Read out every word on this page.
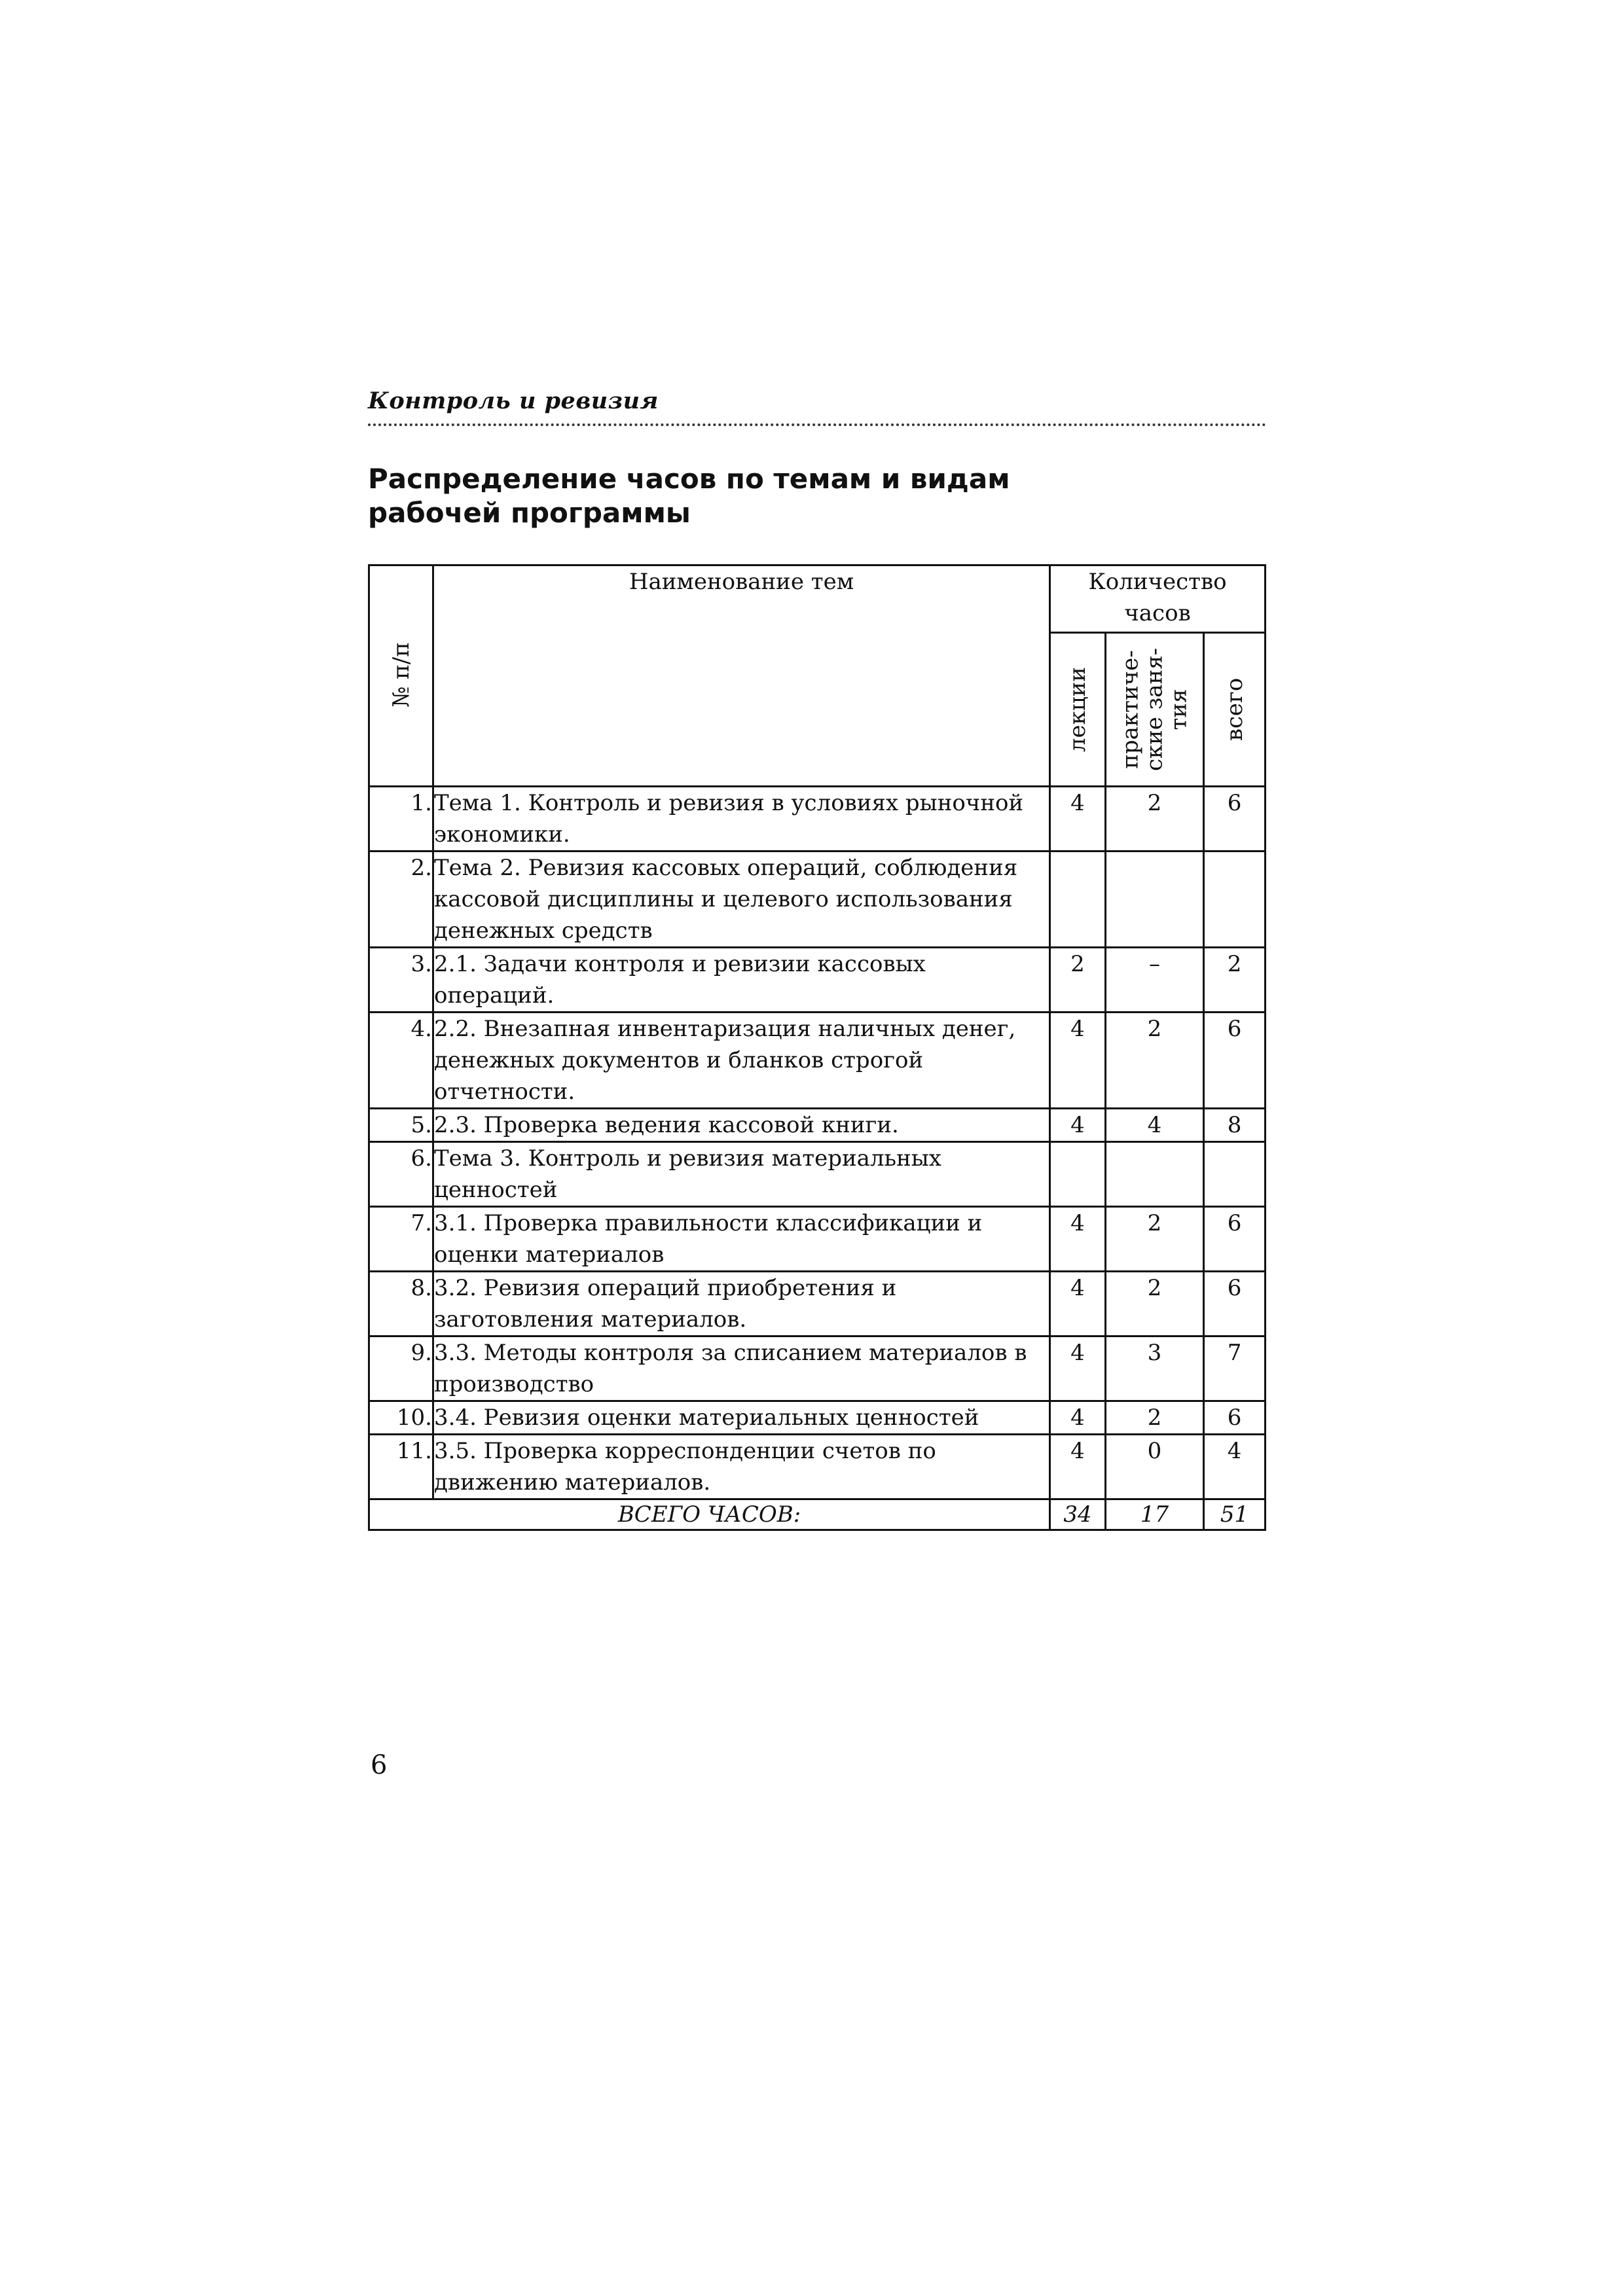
Контроль и ревизия
Распределение часов по темам и видам
рабочей программы
№ п/п	Наименование тем	Количество
часов		

		лекции	практиче-
ские заня-
тия	всего

1.	Тема 1. Контроль и ревизия в условиях рыночной экономики.	4	2	6
2.	Тема 2. Ревизия кассовых операций, соблюдения кассовой дисциплины и целевого использования денежных средств			
3.	2.1. Задачи контроля и ревизии кассовых операций.	2	–	2
4.	2.2. Внезапная инвентаризация наличных денег, денежных документов и бланков строгой отчетности.	4	2	6
5.	2.3. Проверка ведения кассовой книги.	4	4	8
6.	Тема 3. Контроль и ревизия материальных ценностей			
7.	3.1. Проверка правильности классификации и оценки материалов	4	2	6
8.	3.2. Ревизия операций приобретения и заготовления материалов.	4	2	6
9.	3.3. Методы контроля за списанием материалов в производство	4	3	7
10.	3.4. Ревизия оценки материальных ценностей	4	2	6
11.	3.5. Проверка корреспонденции счетов по движению материалов.	4	0	4
ВСЕГО ЧАСОВ:		34	17	51
6
